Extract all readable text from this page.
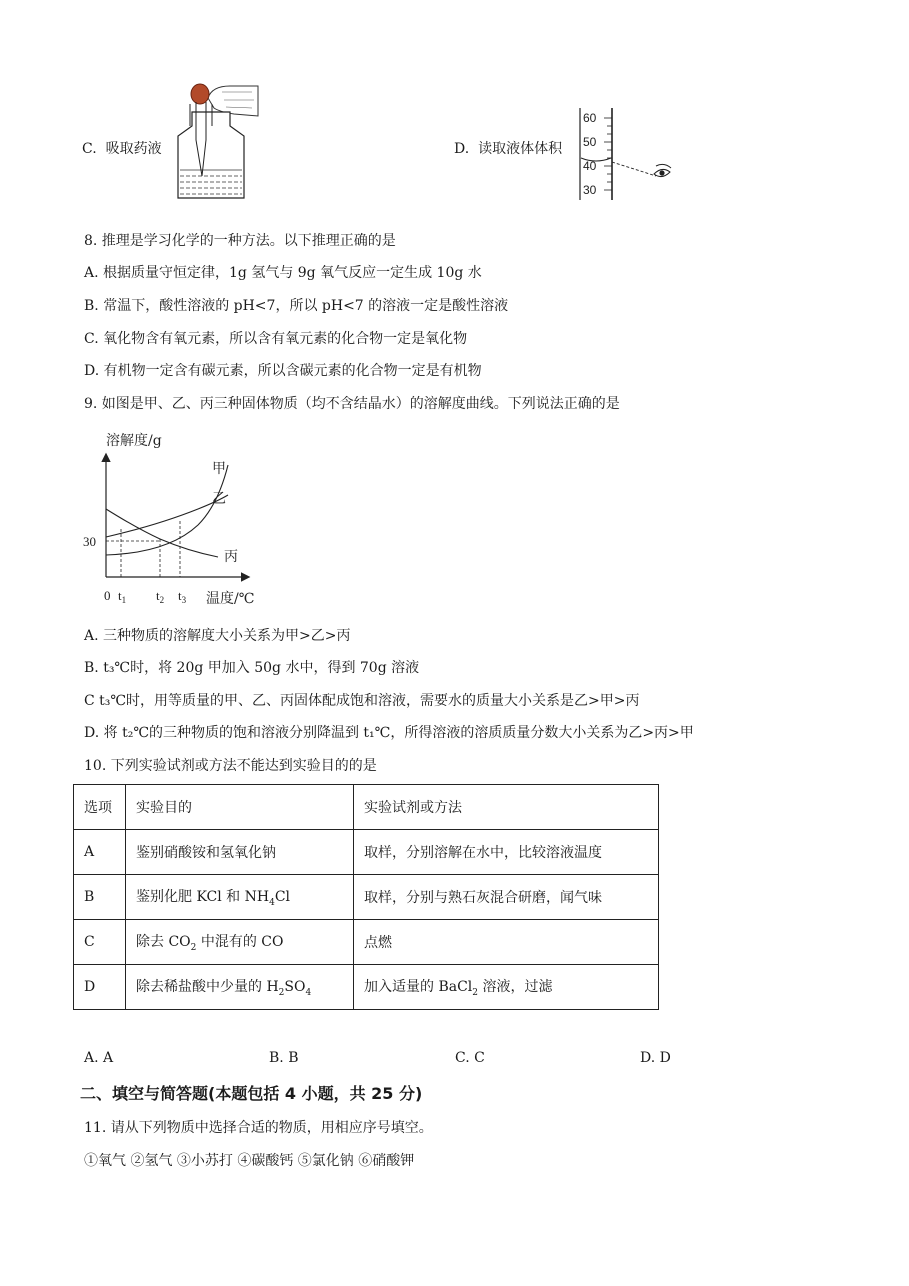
C. 吸取药液	D. 读取液体体积
60
50
40
30
8. 推理是学习化学的一种方法。以下推理正确的是
A. 根据质量守恒定律，1g 氢气与 9g 氧气反应一定生成 10g 水
B. 常温下，酸性溶液的 pH<7，所以 pH<7 的溶液一定是酸性溶液
C. 氧化物含有氧元素，所以含有氧元素的化合物一定是氧化物
D. 有机物一定含有碳元素，所以含碳元素的化合物一定是有机物
9. 如图是甲、乙、丙三种固体物质（均不含结晶水）的溶解度曲线。下列说法正确的是
溶解度/g
30
0 $t_1$ $t_2$ $t_3$ 温度/℃
甲
乙
丙
A. 三种物质的溶解度大小关系为甲>乙>丙
B. t₃℃时，将 20g 甲加入 50g 水中，得到 70g 溶液
C t₃℃时，用等质量的甲、乙、丙固体配成饱和溶液，需要水的质量大小关系是乙>甲>丙
D. 将 t₂℃的三种物质的饱和溶液分别降温到 t₁℃，所得溶液的溶质质量分数大小关系为乙>丙>甲
10. 下列实验试剂或方法不能达到实验目的的是
选项	实验目的	实验试剂或方法
A	鉴别硝酸铵和氢氧化钠	取样，分别溶解在水中，比较溶液温度
B	鉴别化肥 KCl 和 $NH_4Cl$	取样，分别与熟石灰混合研磨，闻气味
C	除去 $CO_2$ 中混有的 CO	点燃
D	除去稀盐酸中少量的 $H_2SO_4$	加入适量的 BaCl$_2$ 溶液，过滤
A. A	B. B	C. C	D. D
二、填空与简答题(本题包括 4 小题，共 25 分)
11. 请从下列物质中选择合适的物质，用相应序号填空。
①氧气 ②氢气 ③小苏打 ④碳酸钙 ⑤氯化钠 ⑥硝酸钾
